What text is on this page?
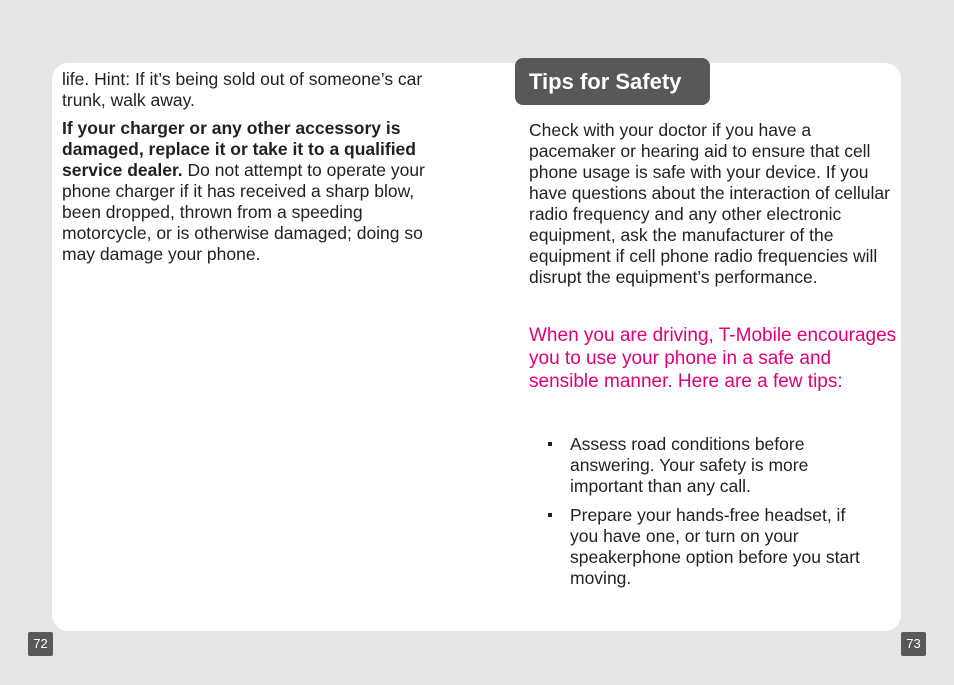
life. Hint: If it’s being sold out of someone’s car trunk, walk away.

If your charger or any other accessory is damaged, replace it or take it to a qualified service dealer. Do not attempt to operate your phone charger if it has received a sharp blow, been dropped, thrown from a speeding motorcycle, or is otherwise damaged; doing so may damage your phone.

Tips for Safety

Check with your doctor if you have a pacemaker or hearing aid to ensure that cell phone usage is safe with your device. If you have questions about the interaction of cellular radio frequency and any other electronic equipment, ask the manufacturer of the equipment if cell phone radio frequencies will disrupt the equipment’s performance.

When you are driving, T-Mobile encourages you to use your phone in a safe and sensible manner. Here are a few tips:
Assess road conditions before answering. Your safety is more important than any call.
Prepare your hands-free headset, if you have one, or turn on your speakerphone option before you start moving.
72	73
